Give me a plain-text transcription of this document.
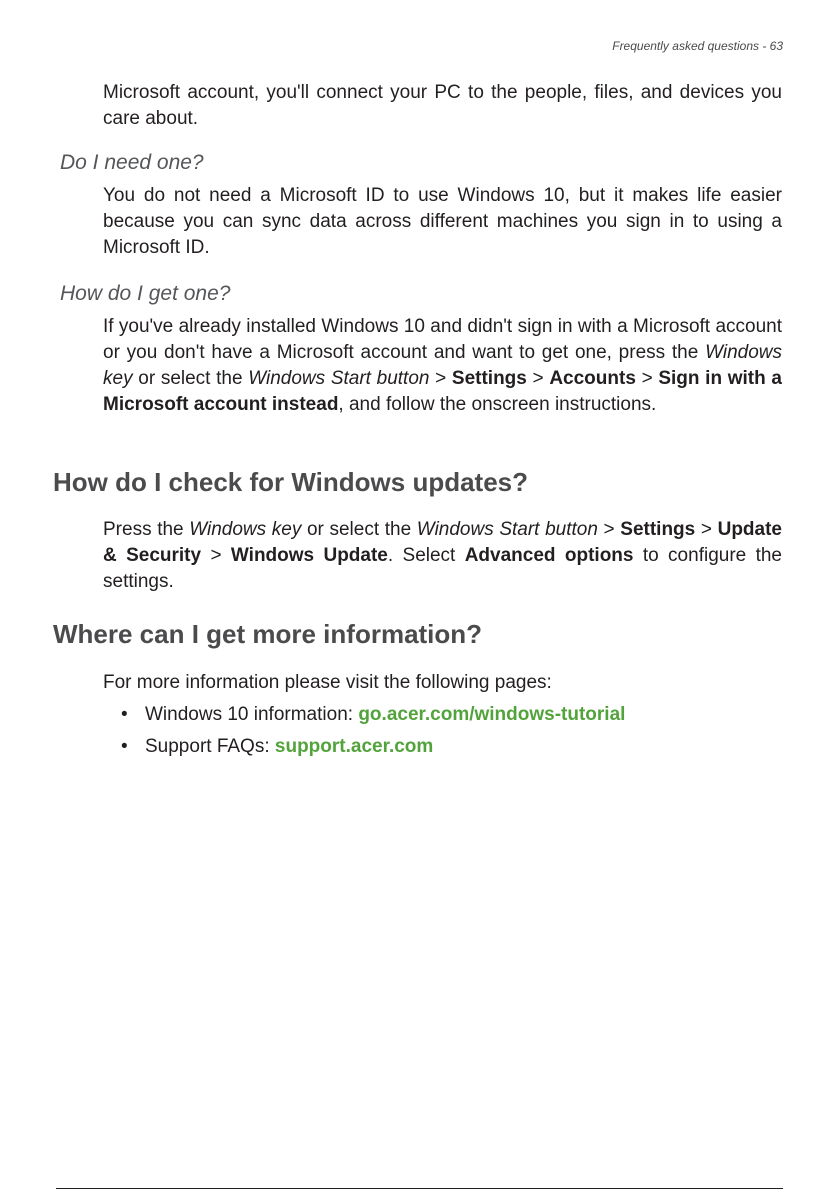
Frequently asked questions - 63

Microsoft account, you'll connect your PC to the people, files, and devices you care about.

Do I need one?

You do not need a Microsoft ID to use Windows 10, but it makes life easier because you can sync data across different machines you sign in to using a Microsoft ID.

How do I get one?

If you've already installed Windows 10 and didn't sign in with a Microsoft account or you don't have a Microsoft account and want to get one, press the Windows key or select the Windows Start button > Settings > Accounts > Sign in with a Microsoft account instead, and follow the onscreen instructions.

How do I check for Windows updates?

Press the Windows key or select the Windows Start button > Settings > Update & Security > Windows Update. Select Advanced options to configure the settings.

Where can I get more information?

For more information please visit the following pages:

• Windows 10 information: go.acer.com/windows-tutorial
• Support FAQs: support.acer.com
